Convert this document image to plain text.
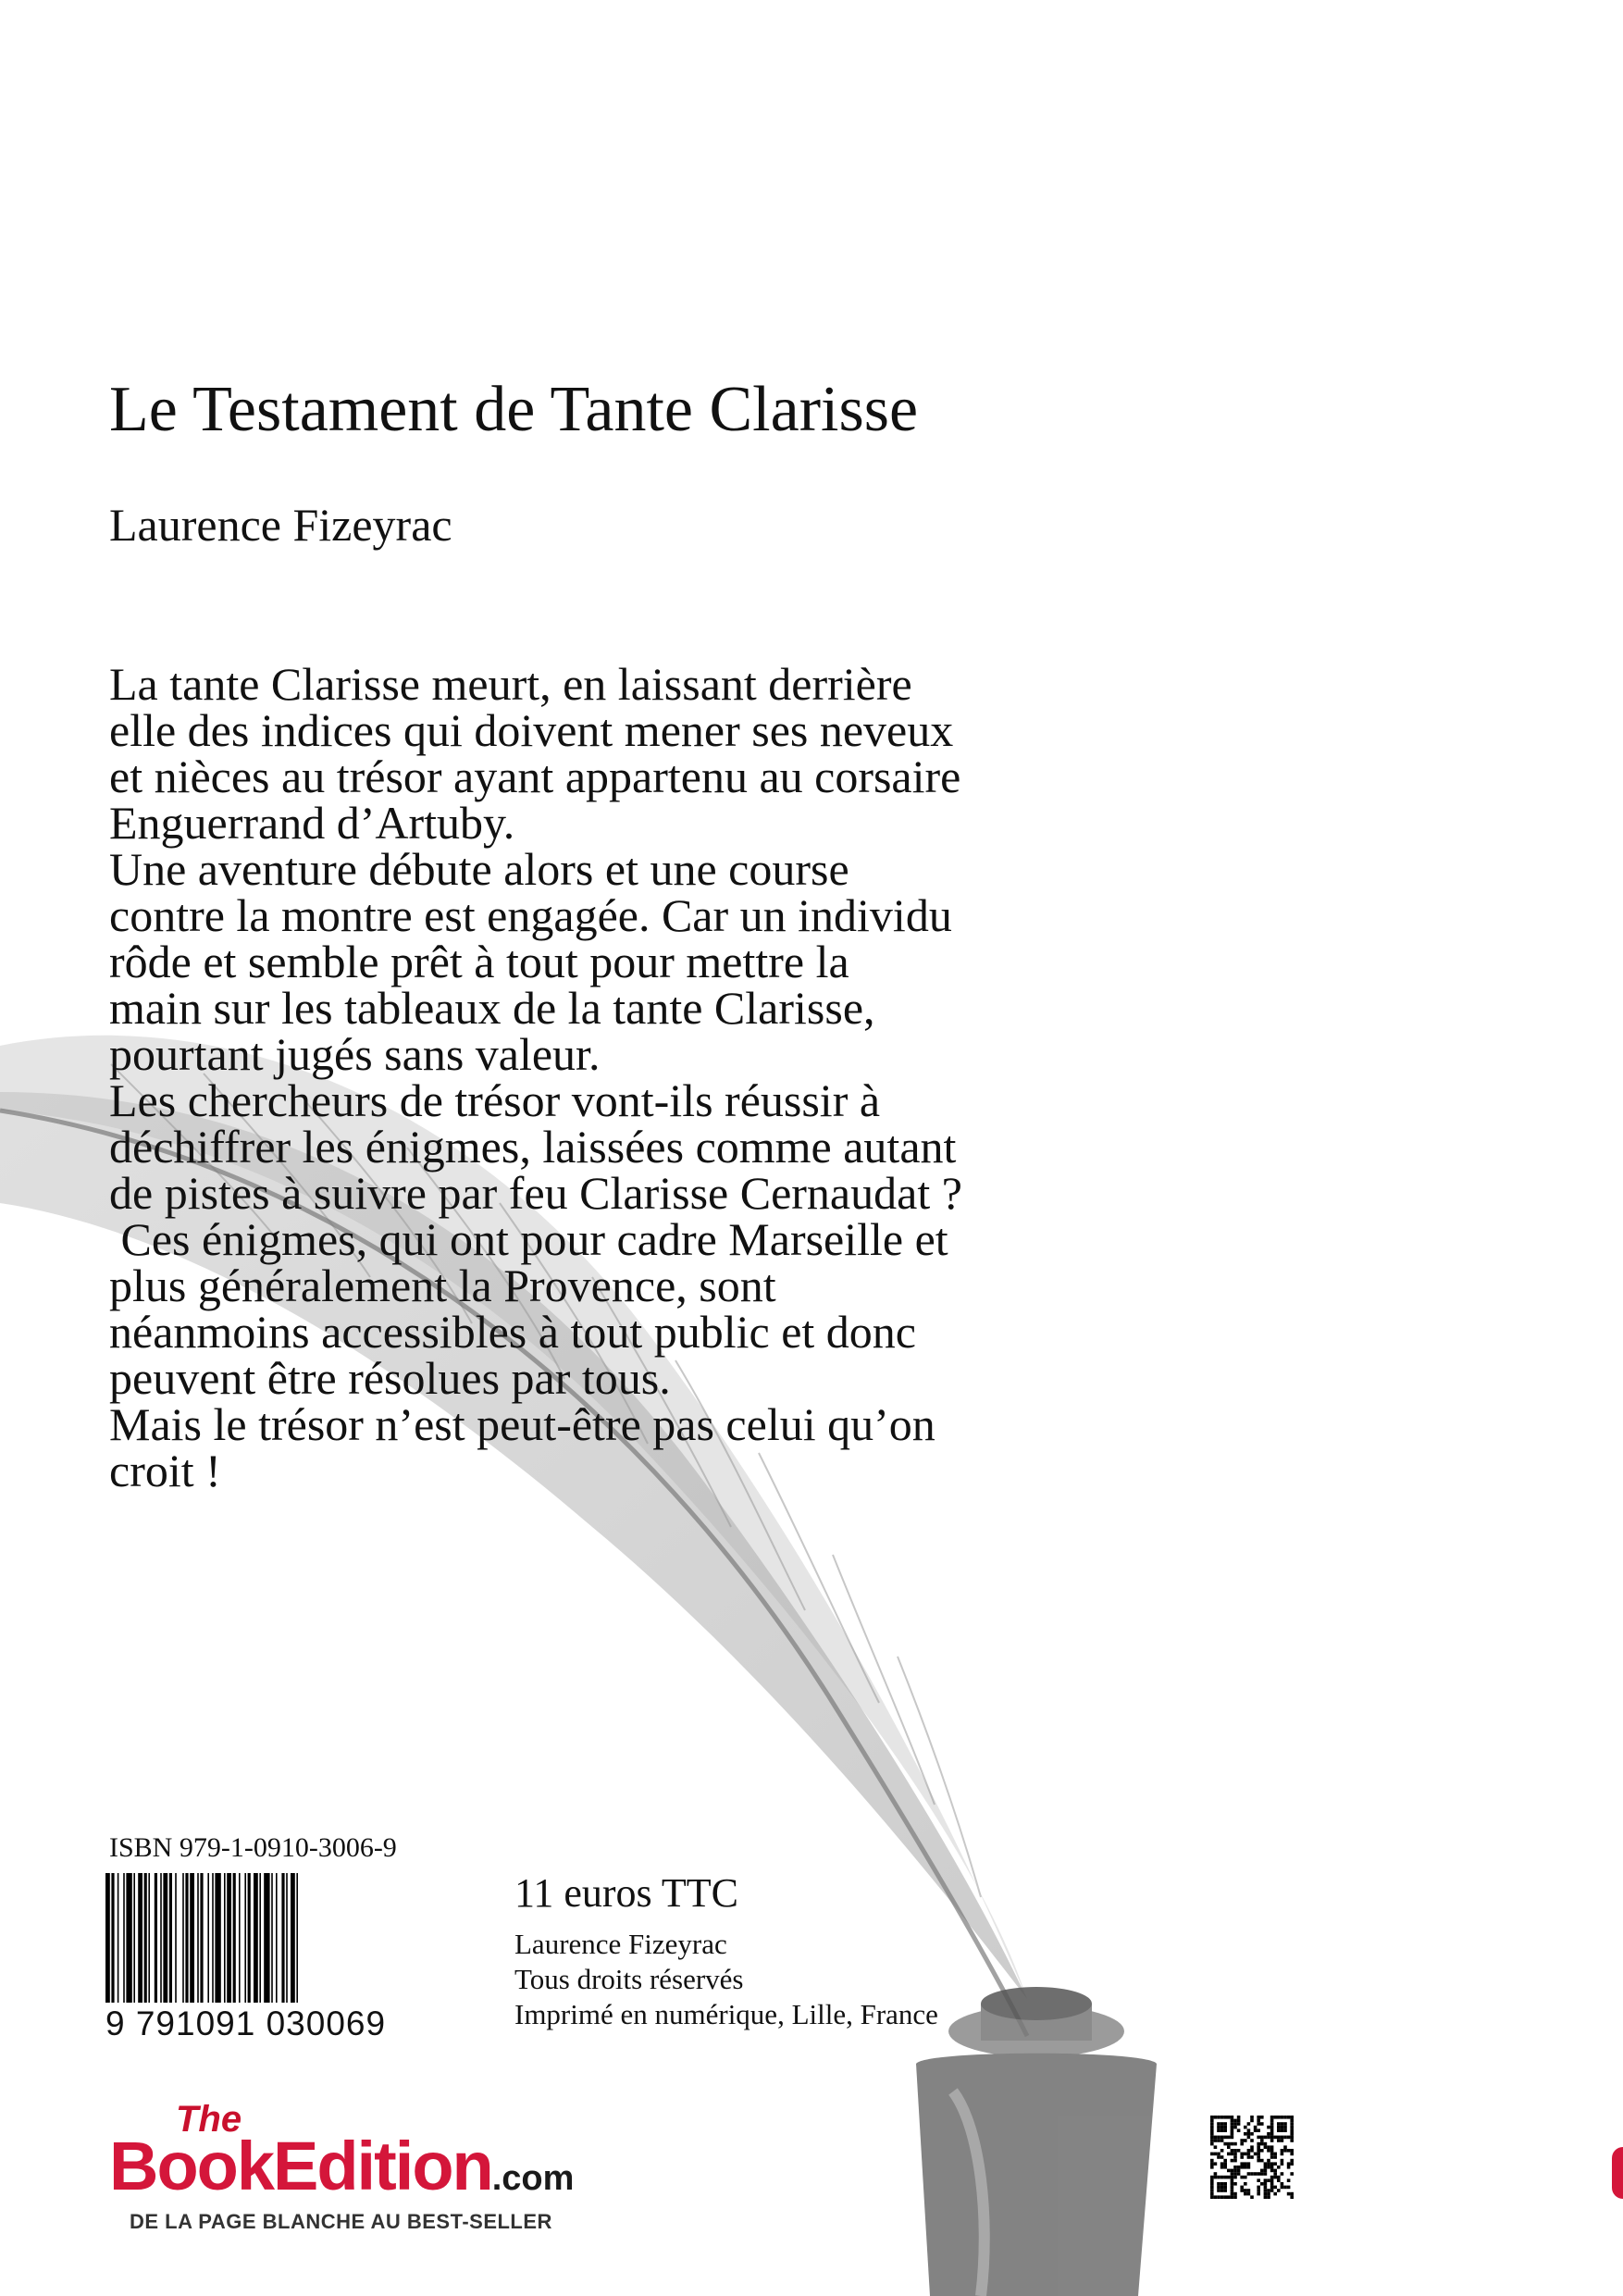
Le Testament de Tante Clarisse
Laurence Fizeyrac

La tante Clarisse meurt, en laissant derrière

elle des indices qui doivent mener ses neveux

et nièces au trésor ayant appartenu au corsaire

Enguerrand d’Artuby.

Une aventure débute alors et une course

contre la montre est engagée. Car un individu

rôde et semble prêt à tout pour mettre la

main sur les tableaux de la tante Clarisse,

pourtant jugés sans valeur.

Les chercheurs de trésor vont-ils réussir à

déchiffrer les énigmes, laissées comme autant

de pistes à suivre par feu Clarisse Cernaudat ?

Ces énigmes, qui ont pour cadre Marseille et

plus généralement la Provence, sont

néanmoins accessibles à tout public et donc

peuvent être résolues par tous.

Mais le trésor n’est peut-être pas celui qu’on

croit !

ISBN 979-1-0910-3006-9
9 791091 030069
11 euros TTC

Laurence Fizeyrac

Tous droits réservés

Imprimé en numérique, Lille, France

The
BookEdition.com
DE LA PAGE BLANCHE AU BEST-SELLER
